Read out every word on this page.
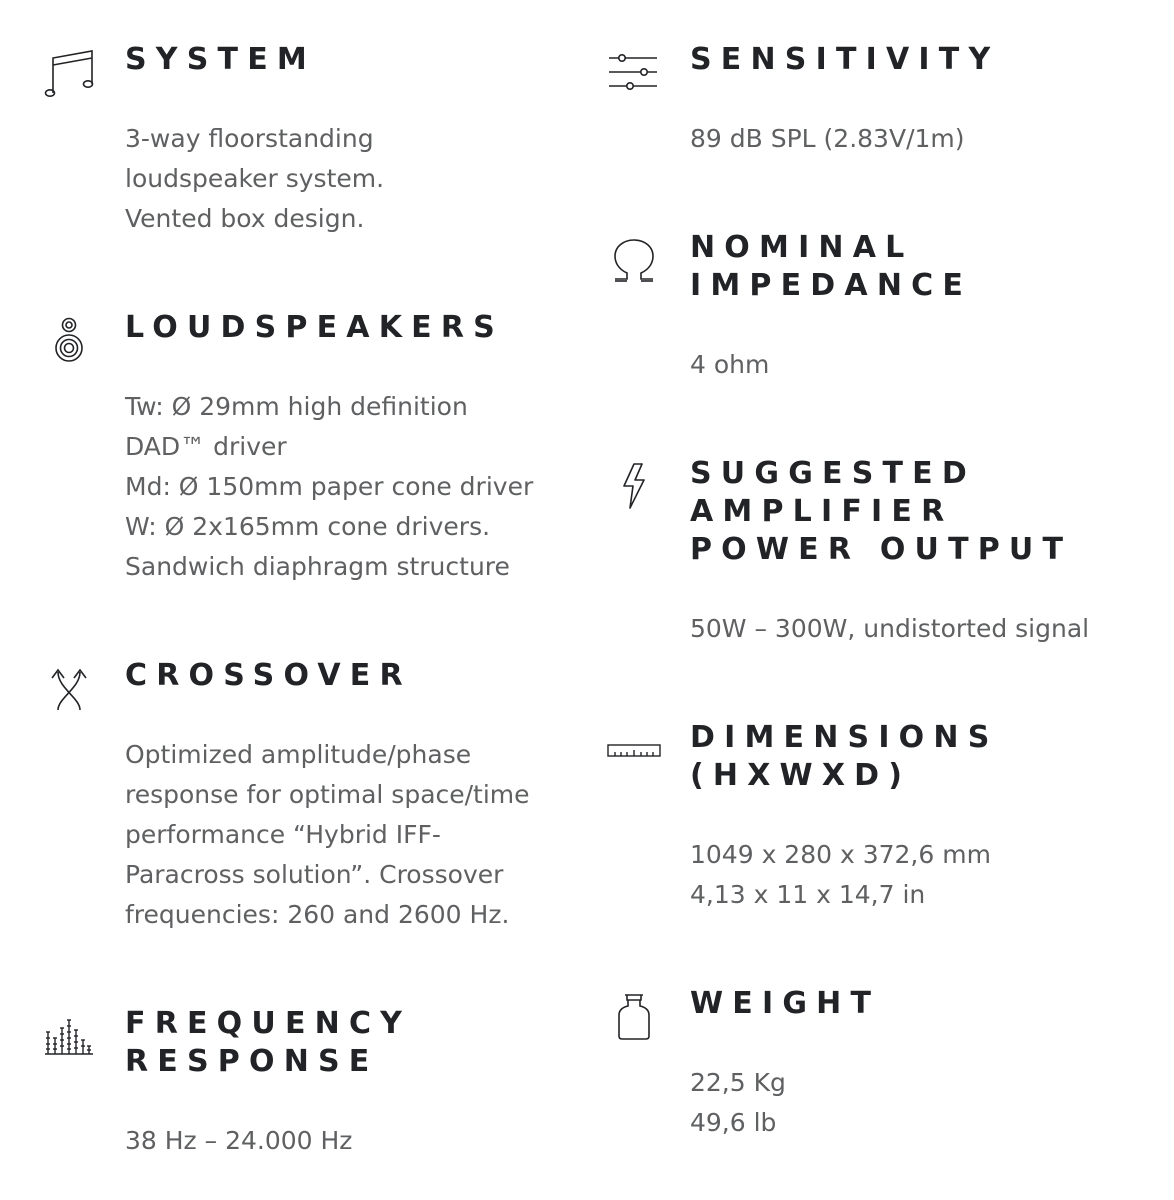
SYSTEM
3-way floorstanding
loudspeaker system.
Vented box design.
LOUDSPEAKERS
Tw: Ø 29mm high definition
DAD™ driver
Md: Ø 150mm paper cone driver
W: Ø 2x165mm cone drivers.
Sandwich diaphragm structure
CROSSOVER
Optimized amplitude/phase
response for optimal space/time
performance “Hybrid IFF-
Paracross solution”. Crossover
frequencies: 260 and 2600 Hz.
FREQUENCY
RESPONSE
38 Hz – 24.000 Hz
SENSITIVITY
89 dB SPL (2.83V/1m)
NOMINAL
IMPEDANCE
4 ohm
SUGGESTED
AMPLIFIER
POWER OUTPUT
50W – 300W, undistorted signal
DIMENSIONS
(HXWXD)
1049 x 280 x 372,6 mm
4,13 x 11 x 14,7 in
WEIGHT
22,5 Kg
49,6 lb
